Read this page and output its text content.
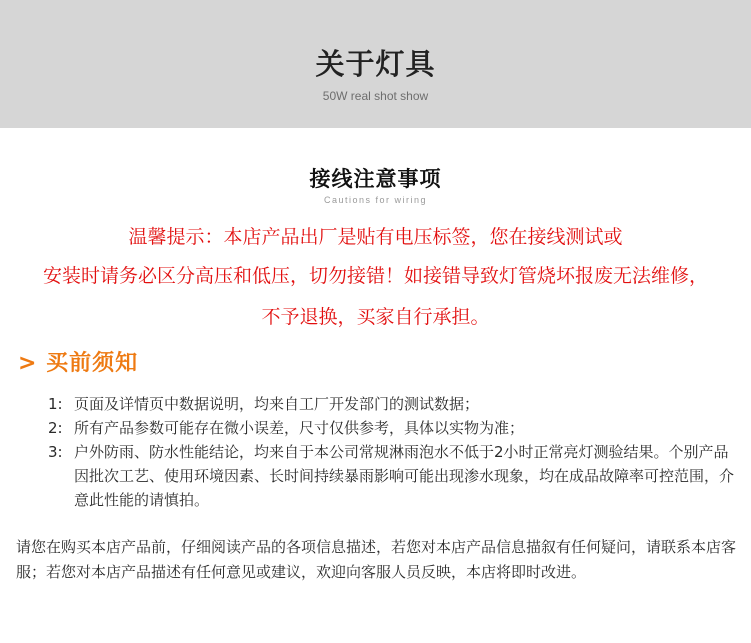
关于灯具
50W real shot show
接线注意事项
Cautions for wiring
温馨提示：本店产品出厂是贴有电压标签，您在接线测试或
安装时请务必区分高压和低压，切勿接错！如接错导致灯管烧坏报废无法维修，
不予退换，买家自行承担。
> 买前须知
1: 页面及详情页中数据说明，均来自工厂开发部门的测试数据；
2: 所有产品参数可能存在微小误差，尺寸仅供参考，具体以实物为准；
3: 户外防雨、防水性能结论，均来自于本公司常规淋雨泡水不低于2小时正常亮灯测验结果。个别产品因批次工艺、使用环境因素、长时间持续暴雨影响可能出现渗水现象，均在成品故障率可控范围，介意此性能的请慎拍。
请您在购买本店产品前，仔细阅读产品的各项信息描述，若您对本店产品信息描叙有任何疑问，请联系本店客服；若您对本店产品描述有任何意见或建议，欢迎向客服人员反映，本店将即时改进。
